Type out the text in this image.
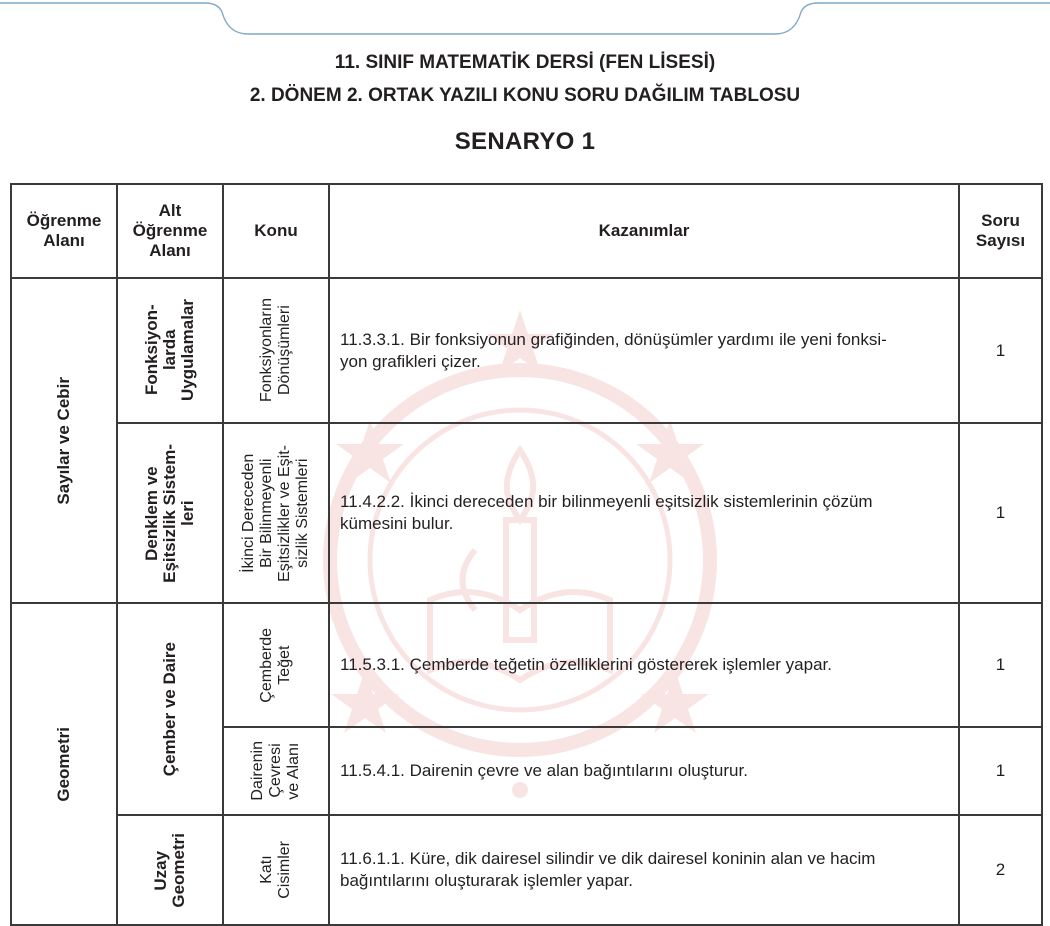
11. SINIF MATEMATİK DERSİ (FEN LİSESİ)
2. DÖNEM 2. ORTAK YAZILI KONU SORU DAĞILIM TABLOSU
SENARYO 1
Öğrenme
Alanı	Alt
Öğrenme
Alanı	Konu	Kazanımlar	Soru
Sayısı

Sayılar ve Cebir	Fonksiyon-
larda
Uygulamalar	Fonksiyonların
Dönüşümleri	11.3.3.1. Bir fonksiyonun grafiğinden, dönüşümler yardımı ile yeni fonksi-
yon grafikleri çizer.	1

	Denklem ve
Eşitsizlik Sistem-
leri	İkinci Dereceden
Bir Bilinmeyenli
Eşitsizlikler ve Eşit-
sizlik Sistemleri	11.4.2.2. İkinci dereceden bir bilinmeyenli eşitsizlik sistemlerinin çözüm
kümesini bulur.	1

Geometri	Çember ve Daire	Çemberde
Teğet	11.5.3.1. Çemberde teğetin özelliklerini göstererek işlemler yapar.	1

		Dairenin
Çevresi
ve Alanı	11.5.4.1. Dairenin çevre ve alan bağıntılarını oluşturur.	1

	Uzay
Geometri	Katı
Cisimler	11.6.1.1. Küre, dik dairesel silindir ve dik dairesel koninin alan ve hacim
bağıntılarını oluşturarak işlemler yapar.	2
